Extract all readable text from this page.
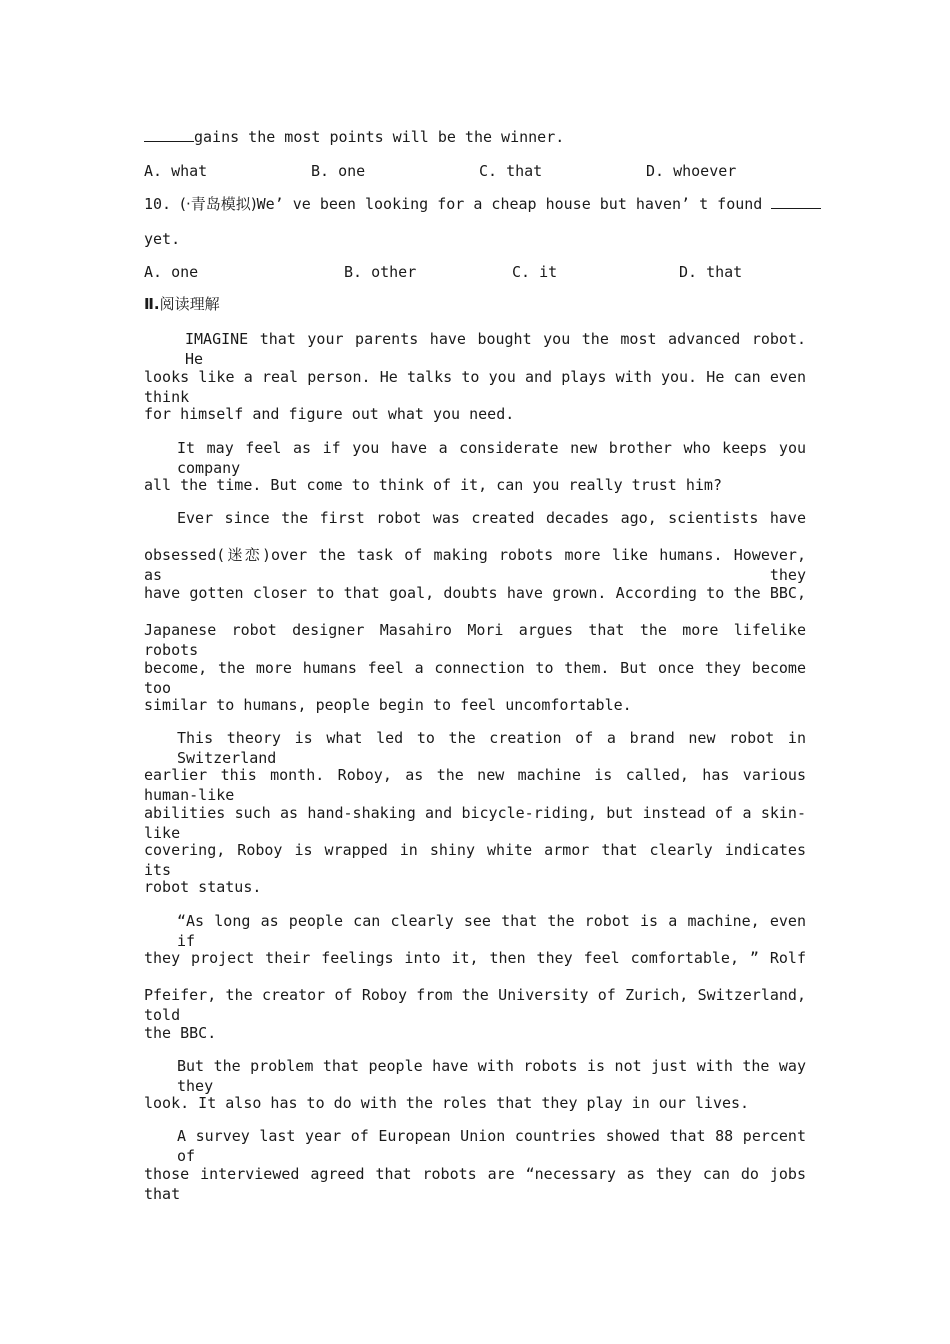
gains the most points will be the winner.
A. what	B. one	C. that	D. whoever
10. (·青岛模拟)We’ ve been looking for a cheap house but haven’ t found
yet.
A. one	B. other	C. it	D. that
Ⅱ.阅读理解
IMAGINE that your parents have bought you the most advanced robot. He
looks like a real person. He talks to you and plays with you. He can even think
for himself and figure out what you need.
It may feel as if you have a considerate new brother who keeps you company
all the time. But come to think of it, can you really trust him?
Ever since the first robot was created decades ago, scientists have
obsessed(迷恋)over the task of making robots more like humans. However, as they
have gotten closer to that goal, doubts have grown. According to the BBC,
Japanese robot designer Masahiro Mori argues that the more lifelike robots
become, the more humans feel a connection to them. But once they become too
similar to humans, people begin to feel uncomfortable.
This theory is what led to the creation of a brand new robot in Switzerland
earlier this month. Roboy, as the new machine is called, has various human-like
abilities such as hand-shaking and bicycle-riding, but instead of a skin-like
covering, Roboy is wrapped in shiny white armor that clearly indicates its
robot status.
“As long as people can clearly see that the robot is a machine, even if
they project their feelings into it, then they feel comfortable, ” Rolf
Pfeifer, the creator of Roboy from the University of Zurich, Switzerland, told
the BBC.
But the problem that people have with robots is not just with the way they
look. It also has to do with the roles that they play in our lives.
A survey last year of European Union countries showed that 88 percent of
those interviewed agreed that robots are “necessary as they can do jobs that
